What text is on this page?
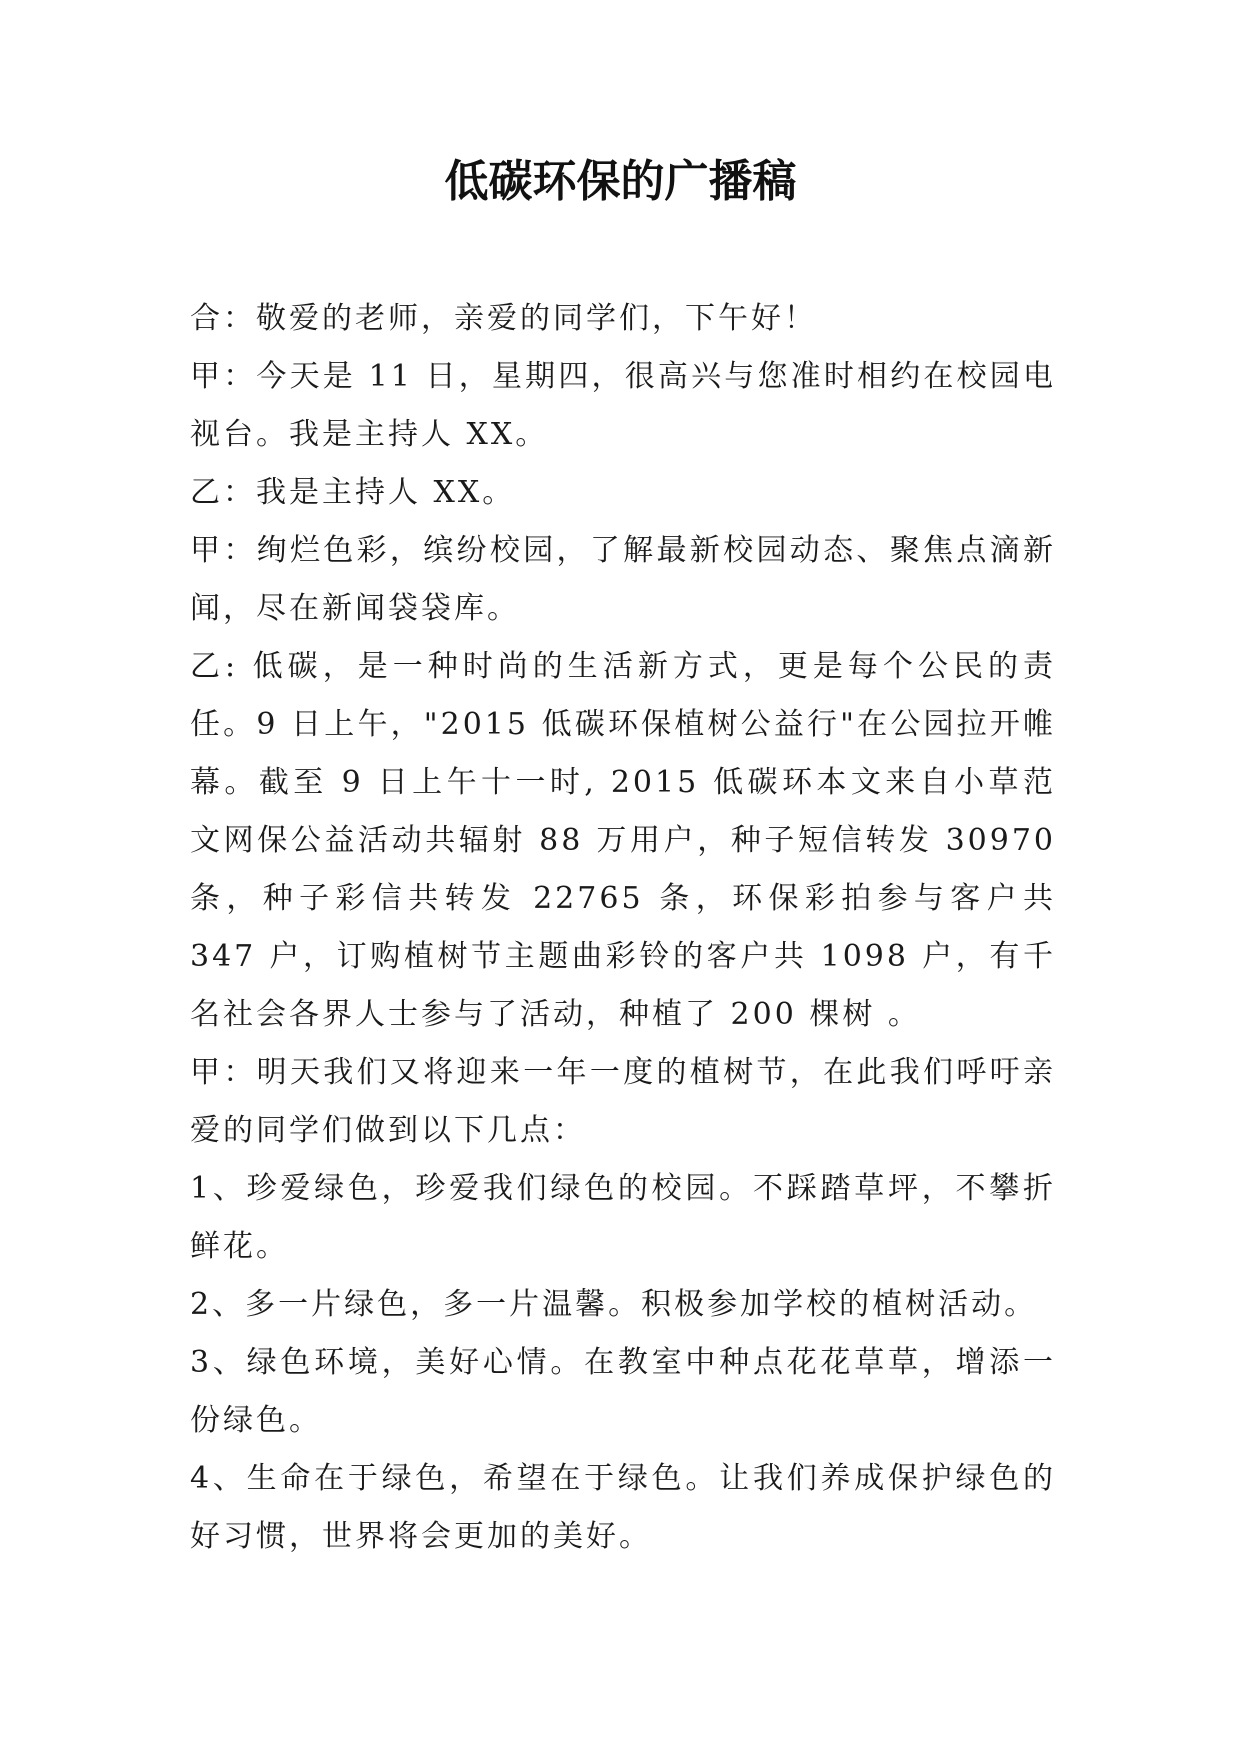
低碳环保的广播稿

合：敬爱的老师，亲爱的同学们，下午好！

甲：今天是 11 日，星期四，很高兴与您准时相约在校园电视台。我是主持人 XX。

乙：我是主持人 XX。

甲：绚烂色彩，缤纷校园，了解最新校园动态、聚焦点滴新闻，尽在新闻袋袋库。

乙: 低碳，是一种时尚的生活新方式，更是每个公民的责任。9 日上午，"2015 低碳环保植树公益行"在公园拉开帷幕。截至 9 日上午十一时, 2015 低碳环本文来自小草范文网保公益活动共辐射 88 万用户，种子短信转发 30970 条，种子彩信共转发 22765 条，环保彩拍参与客户共 347 户，订购植树节主题曲彩铃的客户共 1098 户，有千名社会各界人士参与了活动，种植了 200 棵树 。

甲：明天我们又将迎来一年一度的植树节，在此我们呼吁亲爱的同学们做到以下几点：

1、珍爱绿色，珍爱我们绿色的校园。不踩踏草坪，不攀折鲜花。

2、多一片绿色，多一片温馨。积极参加学校的植树活动。

3、绿色环境，美好心情。在教室中种点花花草草，增添一份绿色。

4、生命在于绿色，希望在于绿色。让我们养成保护绿色的好习惯，世界将会更加的美好。
